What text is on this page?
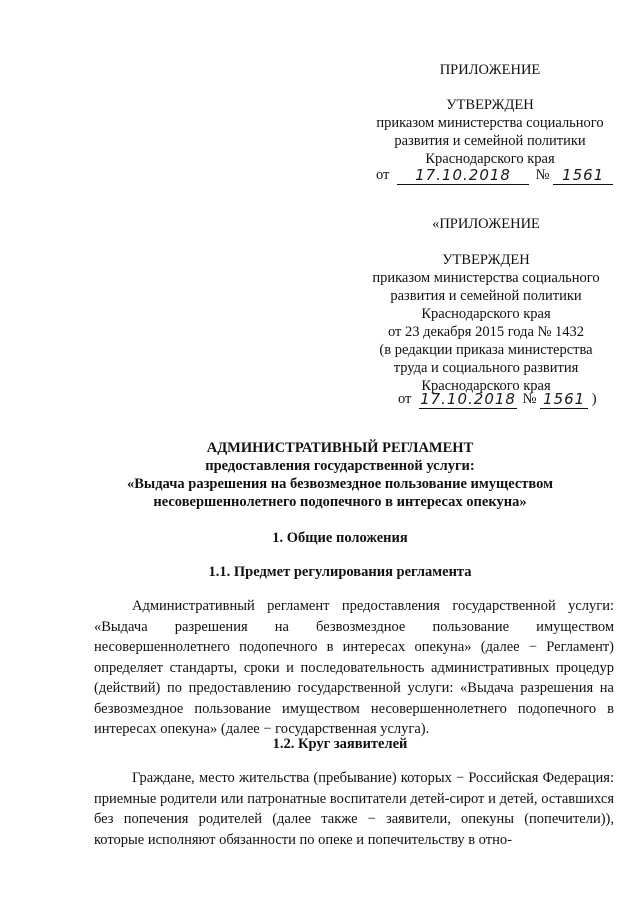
ПРИЛОЖЕНИЕ
УТВЕРЖДЕН
приказом министерства социального
развития и семейной политики
Краснодарского края
от 17.10.2018 № 1561
«ПРИЛОЖЕНИЕ
УТВЕРЖДЕН
приказом министерства социального
развития и семейной политики
Краснодарского края
от 23 декабря 2015 года № 1432
(в редакции приказа министерства
труда и социального развития
Краснодарского края
от 17.10.2018 № 1561 )
АДМИНИСТРАТИВНЫЙ РЕГЛАМЕНТ
предоставления государственной услуги:
«Выдача разрешения на безвозмездное пользование имуществом
несовершеннолетнего подопечного в интересах опекуна»
1. Общие положения
1.1. Предмет регулирования регламента
Административный регламент предоставления государственной услуги: «Выдача разрешения на безвозмездное пользование имуществом несовершеннолетнего подопечного в интересах опекуна» (далее − Регламент) определяет стандарты, сроки и последовательность административных процедур (действий) по предоставлению государственной услуги: «Выдача разрешения на безвозмездное пользование имуществом несовершеннолетнего подопечного в интересах опекуна» (далее − государственная услуга).
1.2. Круг заявителей
Граждане, место жительства (пребывание) которых − Российская Федерация: приемные родители или патронатные воспитатели детей-сирот и детей, оставшихся без попечения родителей (далее также − заявители, опекуны (попечители)), которые исполняют обязанности по опеке и попечительству в отно-
